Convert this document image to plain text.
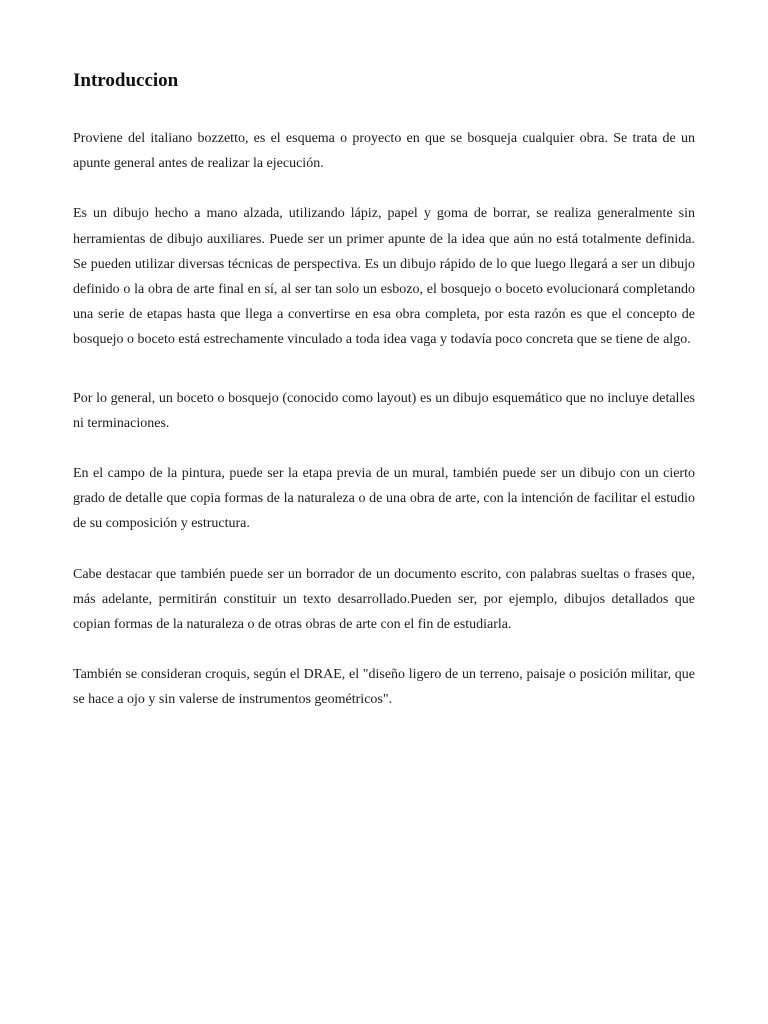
Introduccion

Proviene del italiano bozzetto, es el esquema o proyecto en que se bosqueja cualquier obra. Se trata de un apunte general antes de realizar la ejecución.

Es un dibujo hecho a mano alzada, utilizando lápiz, papel y goma de borrar, se realiza generalmente sin herramientas de dibujo auxiliares. Puede ser un primer apunte de la idea que aún no está totalmente definida. Se pueden utilizar diversas técnicas de perspectiva. Es un dibujo rápido de lo que luego llegará a ser un dibujo definido o la obra de arte final en sí, al ser tan solo un esbozo, el bosquejo o boceto evolucionará completando una serie de etapas hasta que llega a convertirse en esa obra completa, por esta razón es que el concepto de bosquejo o boceto está estrechamente vinculado a toda idea vaga y todavía poco concreta que se tiene de algo.

Por lo general, un boceto o bosquejo (conocido como layout) es un dibujo esquemático que no incluye detalles ni terminaciones.

En el campo de la pintura, puede ser la etapa previa de un mural, también puede ser un dibujo con un cierto grado de detalle que copia formas de la naturaleza o de una obra de arte, con la intención de facilitar el estudio de su composición y estructura.

Cabe destacar que también puede ser un borrador de un documento escrito, con palabras sueltas o frases que, más adelante, permitirán constituir un texto desarrollado.Pueden ser, por ejemplo, dibujos detallados que copian formas de la naturaleza o de otras obras de arte con el fin de estudiarla.

También se consideran croquis, según el DRAE, el "diseño ligero de un terreno, paisaje o posición militar, que se hace a ojo y sin valerse de instrumentos geométricos".
